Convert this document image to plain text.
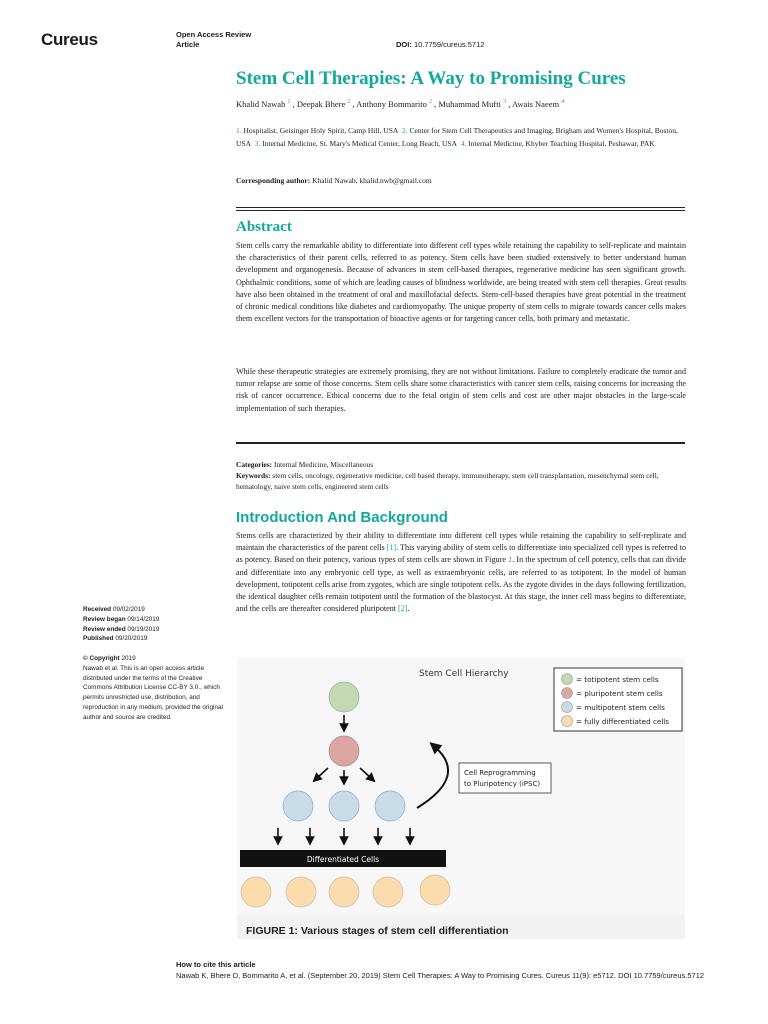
Cureus	Open Access Review
Article	DOI: 10.7759/cureus.5712
Stem Cell Therapies: A Way to Promising Cures
Khalid Nawab $^1$ , Deepak Bhere $^2$ , Anthony Bommarito $^2$ , Muhammad Mufti $^3$ , Awais Naeem $^4$
1. Hospitalist, Geisinger Holy Spirit, Camp Hill, USA 2. Center for Stem Cell Therapeutics and Imaging, Brigham and Women's Hospital, Boston, USA 3. Internal Medicine, St. Mary's Medical Center, Long Beach, USA 4. Internal Medicine, Khyber Teaching Hospital, Peshawar, PAK
Corresponding author: Khalid Nawab, khalid.nwb@gmail.com
Abstract
Stem cells carry the remarkable ability to differentiate into different cell types while retaining the capability to self-replicate and maintain the characteristics of their parent cells, referred to as potency. Stem cells have been studied extensively to better understand human development and organogenesis. Because of advances in stem cell-based therapies, regenerative medicine has seen significant growth. Ophthalmic conditions, some of which are leading causes of blindness worldwide, are being treated with stem cell therapies. Great results have also been obtained in the treatment of oral and maxillofacial defects. Stem-cell-based therapies have great potential in the treatment of chronic medical conditions like diabetes and cardiomyopathy. The unique property of stem cells to migrate towards cancer cells makes them excellent vectors for the transportation of bioactive agents or for targeting cancer cells, both primary and metastatic.
While these therapeutic strategies are extremely promising, they are not without limitations. Failure to completely eradicate the tumor and tumor relapse are some of those concerns. Stem cells share some characteristics with cancer stem cells, raising concerns for increasing the risk of cancer occurrence. Ethical concerns due to the fetal origin of stem cells and cost are other major obstacles in the large-scale implementation of such therapies.
Categories: Internal Medicine, Miscellaneous
Keywords: stem cells, oncology, regenerative medicine, cell based therapy, immunotherapy, stem cell transplantation, mesenchymal stem cell, hematology, naive stem cells, engineered stem cells
Introduction And Background
Stems cells are characterized by their ability to differentiate into different cell types while retaining the capability to self-replicate and maintain the characteristics of the parent cells [1]. This varying ability of stem cells to differentiate into specialized cell types is referred to as potency. Based on their potency, various types of stem cells are shown in Figure 1. In the spectrum of cell potency, cells that can divide and differentiate into any embryonic cell type, as well as extraembryonic cells, are referred to as totipotent. In the model of human development, totipotent cells arise from zygotes, which are single totipotent cells. As the zygote divides in the days following fertilization, the identical daughter cells remain totipotent until the formation of the blastocyst. At this stage, the inner cell mass begins to differentiate, and the cells are thereafter considered pluripotent [2].
Received 09/02/2019
Review began 09/14/2019
Review ended 09/19/2019
Published 09/20/2019
© Copyright 2019
Nawab et al. This is an open access article distributed under the terms of the Creative Commons Attribution License CC-BY 3.0., which permits unrestricted use, distribution, and reproduction in any medium, provided the original author and source are credited.
Stem Cell Hierarchy
= totipotent stem cells
= pluripotent stem cells
= multipotent stem cells
= fully differentiated cells
Cell Reprogramming
to Pluripotency (iPSC)
Differentiated Cells
FIGURE 1: Various stages of stem cell differentiation
How to cite this article
Nawab K, Bhere D, Bommarito A, et al. (September 20, 2019) Stem Cell Therapies: A Way to Promising Cures. Cureus 11(9): e5712. DOI 10.7759/cureus.5712
